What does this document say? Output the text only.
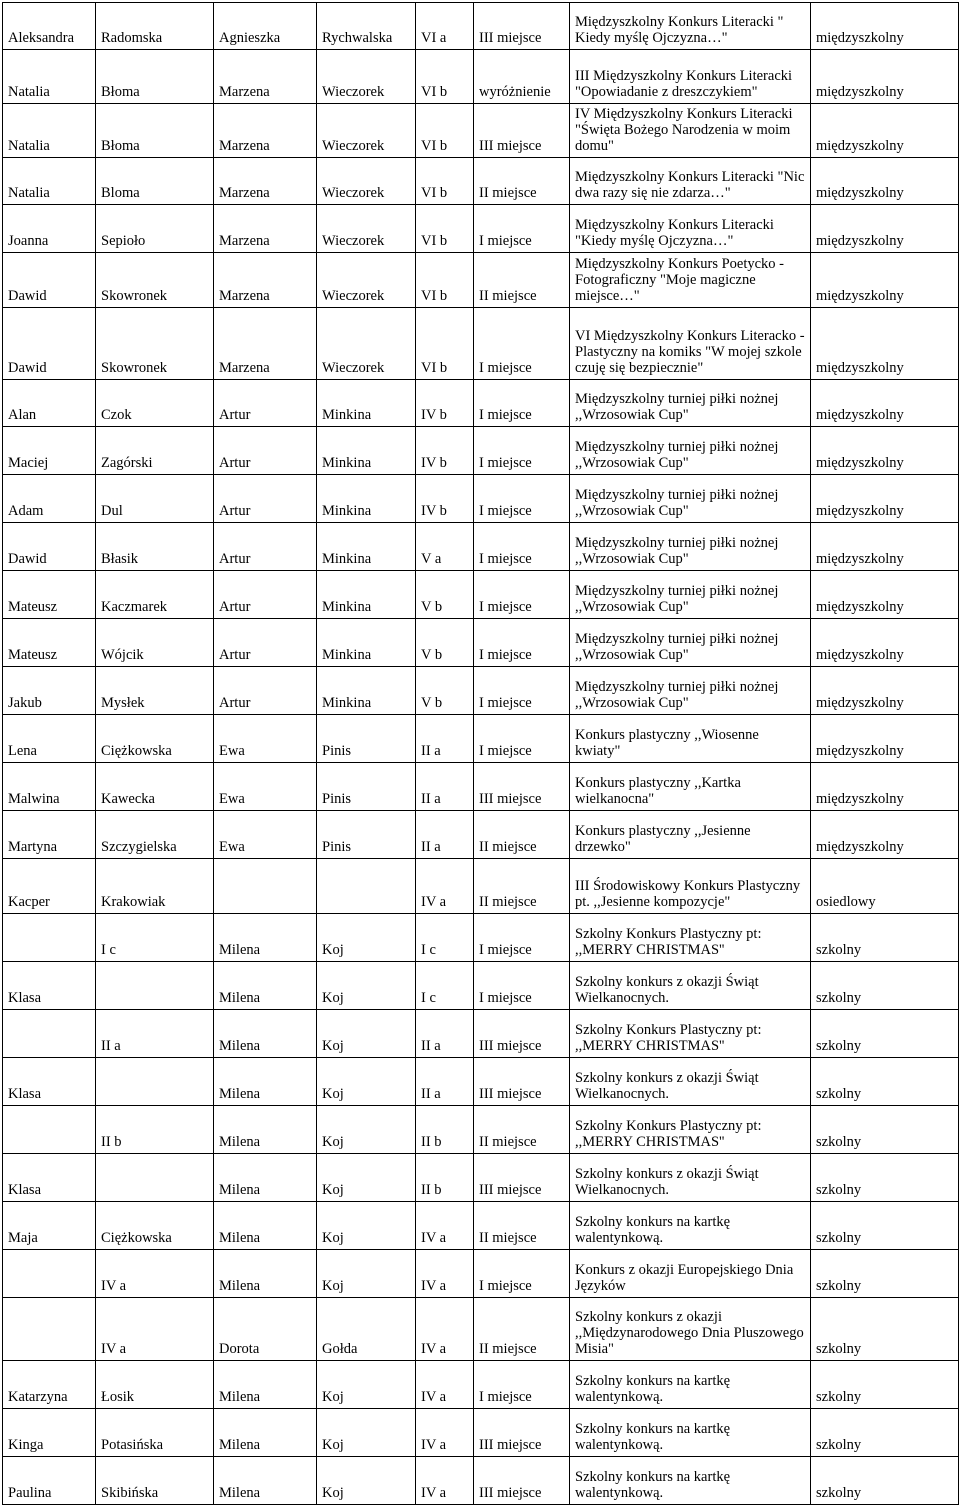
Aleksandra	Radomska	Agnieszka	Rychwalska	VI a	III miejsce	Międzyszkolny Konkurs Literacki " Kiedy myślę Ojczyzna…"	międzyszkolny
Natalia	Błoma	Marzena	Wieczorek	VI b	wyróżnienie	III Międzyszkolny Konkurs Literacki "Opowiadanie z dreszczykiem"	międzyszkolny
Natalia	Błoma	Marzena	Wieczorek	VI b	III miejsce	IV Międzyszkolny Konkurs Literacki "Święta Bożego Narodzenia w moim domu"	międzyszkolny
Natalia	Bloma	Marzena	Wieczorek	VI b	II miejsce	Międzyszkolny Konkurs Literacki "Nic dwa razy się nie zdarza…"	międzyszkolny
Joanna	Sepioło	Marzena	Wieczorek	VI b	I miejsce	Międzyszkolny Konkurs Literacki "Kiedy myślę Ojczyzna…"	międzyszkolny
Dawid	Skowronek	Marzena	Wieczorek	VI b	II miejsce	Międzyszkolny Konkurs Poetycko - Fotograficzny "Moje magiczne miejsce…"	międzyszkolny
Dawid	Skowronek	Marzena	Wieczorek	VI b	I miejsce	VI Międzyszkolny Konkurs Literacko - Plastyczny na komiks "W mojej szkole czuję się bezpiecznie"	międzyszkolny
Alan	Czok	Artur	Minkina	IV b	I miejsce	Międzyszkolny turniej piłki nożnej ,,Wrzosowiak Cup"	międzyszkolny
Maciej	Zagórski	Artur	Minkina	IV b	I miejsce	Międzyszkolny turniej piłki nożnej ,,Wrzosowiak Cup"	międzyszkolny
Adam	Dul	Artur	Minkina	IV b	I miejsce	Międzyszkolny turniej piłki nożnej ,,Wrzosowiak Cup"	międzyszkolny
Dawid	Błasik	Artur	Minkina	V a	I miejsce	Międzyszkolny turniej piłki nożnej ,,Wrzosowiak Cup"	międzyszkolny
Mateusz	Kaczmarek	Artur	Minkina	V b	I miejsce	Międzyszkolny turniej piłki nożnej ,,Wrzosowiak Cup"	międzyszkolny
Mateusz	Wójcik	Artur	Minkina	V b	I miejsce	Międzyszkolny turniej piłki nożnej ,,Wrzosowiak Cup"	międzyszkolny
Jakub	Mysłek	Artur	Minkina	V b	I miejsce	Międzyszkolny turniej piłki nożnej ,,Wrzosowiak Cup"	międzyszkolny
Lena	Ciężkowska	Ewa	Pinis	II a	I miejsce	Konkurs plastyczny ,,Wiosenne kwiaty"	międzyszkolny
Malwina	Kawecka	Ewa	Pinis	II a	III miejsce	Konkurs plastyczny ,,Kartka wielkanocna"	międzyszkolny
Martyna	Szczygielska	Ewa	Pinis	II a	II miejsce	Konkurs plastyczny ,,Jesienne drzewko"	międzyszkolny
Kacper	Krakowiak			IV a	II miejsce	III Środowiskowy Konkurs Plastyczny pt. ,,Jesienne kompozycje"	osiedlowy
	I c	Milena	Koj	I c	I miejsce	Szkolny Konkurs Plastyczny pt: ,,MERRY CHRISTMAS''	szkolny
Klasa		Milena	Koj	I c	I miejsce	Szkolny konkurs z okazji Świąt Wielkanocnych.	szkolny
	II a	Milena	Koj	II a	III miejsce	Szkolny Konkurs Plastyczny pt: ,,MERRY CHRISTMAS''	szkolny
Klasa		Milena	Koj	II a	III miejsce	Szkolny konkurs z okazji Świąt Wielkanocnych.	szkolny
	II b	Milena	Koj	II b	II miejsce	Szkolny Konkurs Plastyczny pt: ,,MERRY CHRISTMAS''	szkolny
Klasa		Milena	Koj	II b	III miejsce	Szkolny konkurs z okazji Świąt Wielkanocnych.	szkolny
Maja	Ciężkowska	Milena	Koj	IV a	II miejsce	Szkolny konkurs na kartkę walentynkową.	szkolny
	IV a	Milena	Koj	IV a	I miejsce	Konkurs z okazji Europejskiego Dnia Języków	szkolny
	IV a	Dorota	Gołda	IV a	II miejsce	Szkolny konkurs z okazji ,,Międzynarodowego Dnia Pluszowego Misia"	szkolny
Katarzyna	Łosik	Milena	Koj	IV a	I miejsce	Szkolny konkurs na kartkę walentynkową.	szkolny
Kinga	Potasińska	Milena	Koj	IV a	III miejsce	Szkolny konkurs na kartkę walentynkową.	szkolny
Paulina	Skibińska	Milena	Koj	IV a	III miejsce	Szkolny konkurs na kartkę walentynkową.	szkolny
